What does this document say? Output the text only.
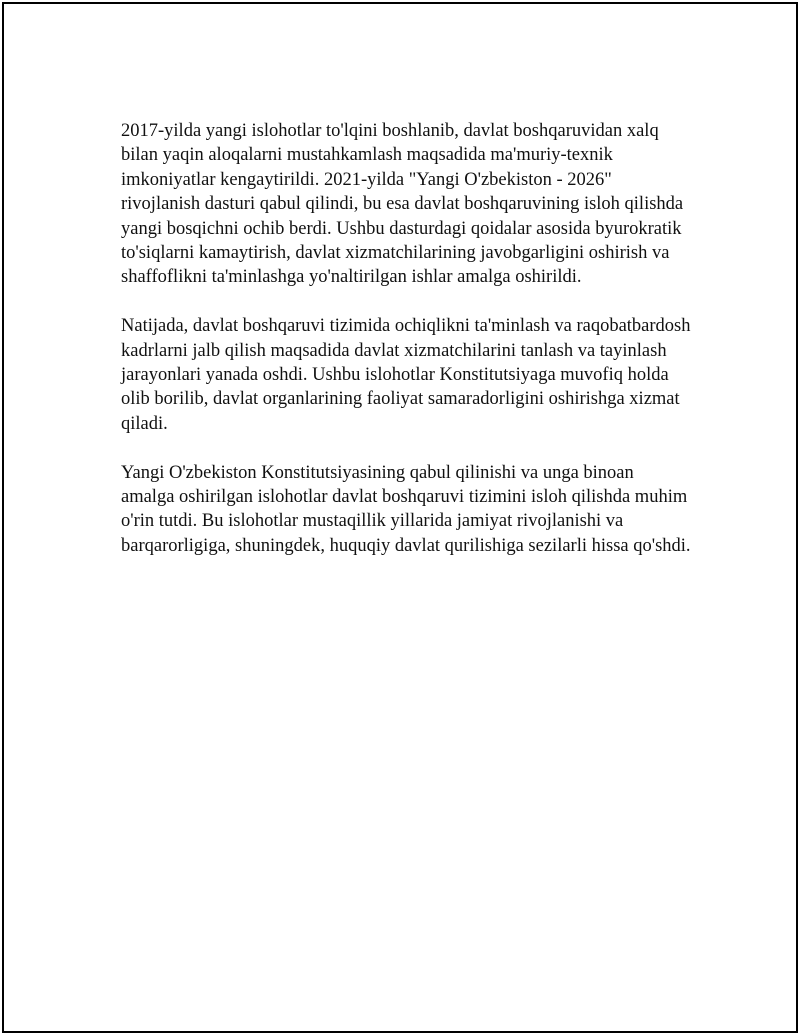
2017-yilda yangi islohotlar to'lqini boshlanib, davlat boshqaruvidan xalq
bilan yaqin aloqalarni mustahkamlash maqsadida ma'muriy-texnik
imkoniyatlar kengaytirildi. 2021-yilda "Yangi O'zbekiston - 2026"
rivojlanish dasturi qabul qilindi, bu esa davlat boshqaruvining isloh qilishda
yangi bosqichni ochib berdi. Ushbu dasturdagi qoidalar asosida byurokratik
to'siqlarni kamaytirish, davlat xizmatchilarining javobgarligini oshirish va
shaffoflikni ta'minlashga yo'naltirilgan ishlar amalga oshirildi.

Natijada, davlat boshqaruvi tizimida ochiqlikni ta'minlash va raqobatbardosh
kadrlarni jalb qilish maqsadida davlat xizmatchilarini tanlash va tayinlash
jarayonlari yanada oshdi. Ushbu islohotlar Konstitutsiyaga muvofiq holda
olib borilib, davlat organlarining faoliyat samaradorligini oshirishga xizmat
qiladi.

Yangi O'zbekiston Konstitutsiyasining qabul qilinishi va unga binoan
amalga oshirilgan islohotlar davlat boshqaruvi tizimini isloh qilishda muhim
o'rin tutdi. Bu islohotlar mustaqillik yillarida jamiyat rivojlanishi va
barqarorligiga, shuningdek, huquqiy davlat qurilishiga sezilarli hissa qo'shdi.
